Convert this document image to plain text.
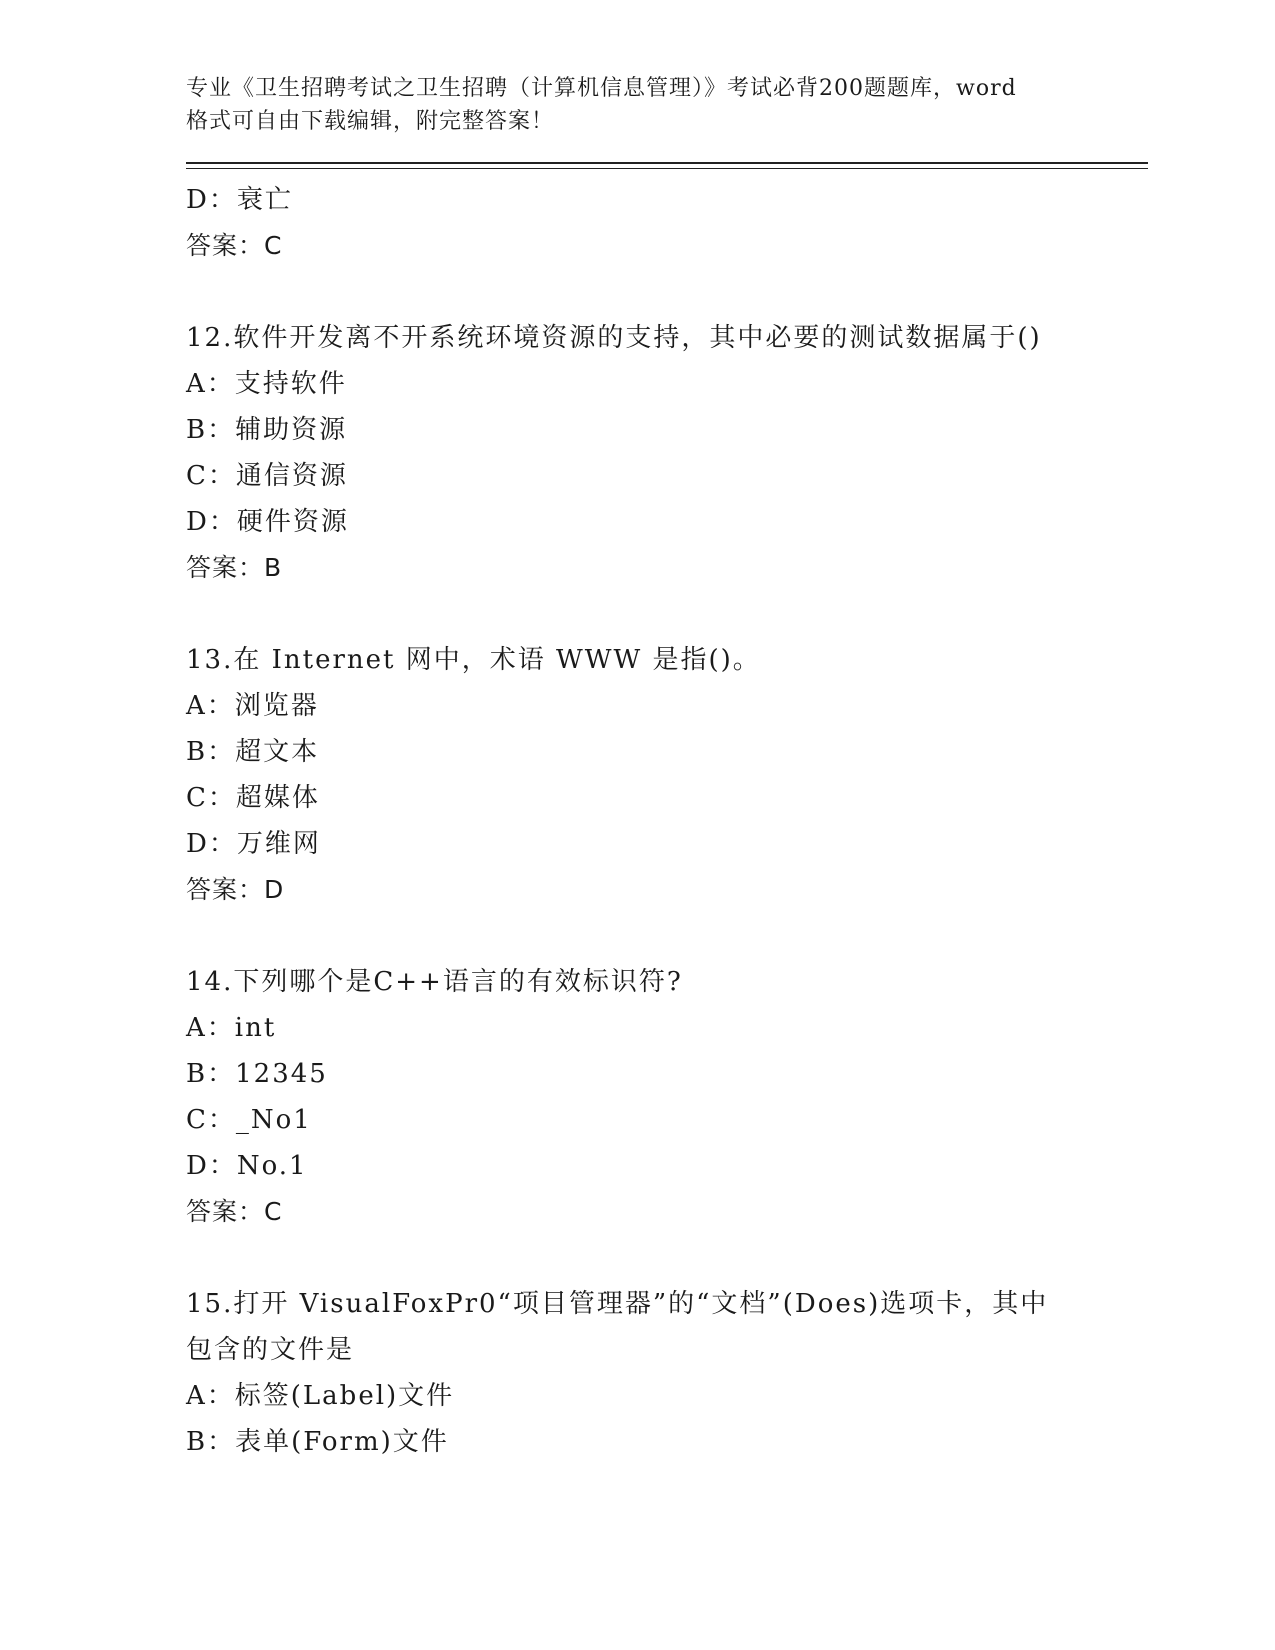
专业《卫生招聘考试之卫生招聘（计算机信息管理）》考试必背200题题库，word
格式可自由下载编辑，附完整答案！

D：衰亡
答案：C
12.软件开发离不开系统环境资源的支持，其中必要的测试数据属于()
A：支持软件
B：辅助资源
C：通信资源
D：硬件资源
答案：B
13.在 Internet 网中，术语 WWW 是指()。
A：浏览器
B：超文本
C：超媒体
D：万维网
答案：D
14.下列哪个是C++语言的有效标识符?
A：int
B：12345
C：_No1
D：No.1
答案：C
15.打开 VisualFoxPr0“项目管理器”的“文档”(Does)选项卡，其中
包含的文件是
A：标签(Label)文件
B：表单(Form)文件
